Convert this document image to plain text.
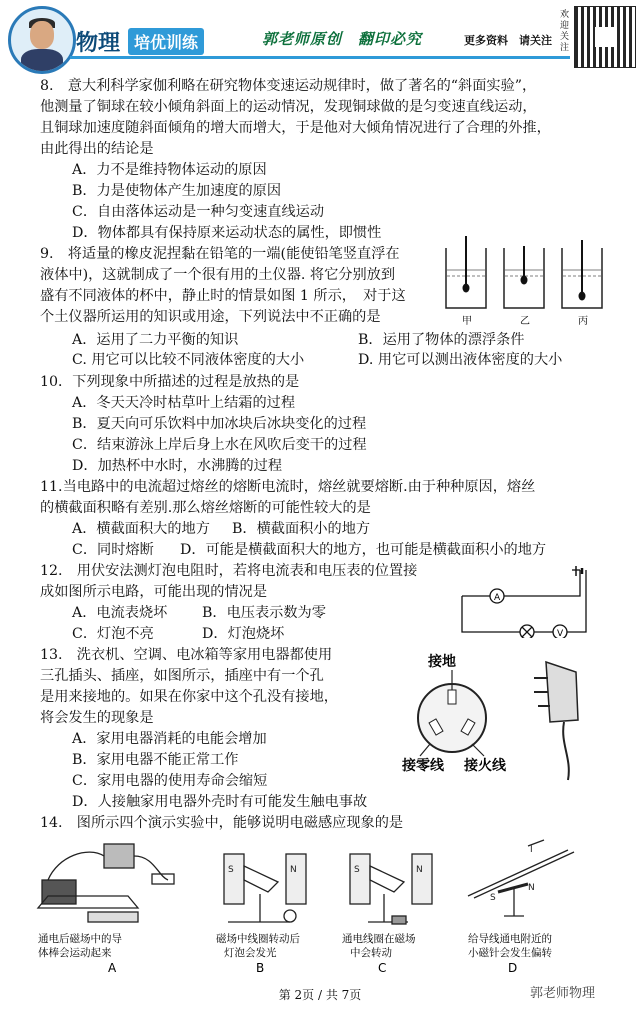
物理 培优训练	郭老师原创　翻印必究	更多资料　请关注
欢迎关注
8.　意大利科学家伽利略在研究物体变速运动规律时，做了著名的“斜面实验”，
他测量了铜球在较小倾角斜面上的运动情况，发现铜球做的是匀变速直线运动，
且铜球加速度随斜面倾角的增大而增大，于是他对大倾角情况进行了合理的外推，
由此得出的结论是
A．力不是维持物体运动的原因
B．力是使物体产生加速度的原因
C．自由落体运动是一种匀变速直线运动
D．物体都具有保持原来运动状态的属性，即惯性
9.　将适量的橡皮泥捏黏在铅笔的一端(能使铅笔竖直浮在
液体中)，这就制成了一个很有用的土仪器. 将它分别放到
盛有不同液体的杯中，静止时的情景如图 1 所示，　对于这
个土仪器所运用的知识或用途，下列说法中不正确的是
A．运用了二力平衡的知识	B．运用了物体的漂浮条件
C. 用它可以比较不同液体密度的大小	D. 用它可以测出液体密度的大小
甲	乙	丙
10．下列现象中所描述的过程是放热的是
A．冬天天冷时枯草叶上结霜的过程
B．夏天向可乐饮料中加冰块后冰块变化的过程
C．结束游泳上岸后身上水在风吹后变干的过程
D．加热杯中水时，水沸腾的过程
11.当电路中的电流超过熔丝的熔断电流时，熔丝就要熔断.由于种种原因，熔丝
的横截面积略有差别.那么熔丝熔断的可能性较大的是
A．横截面积大的地方 B．横截面积小的地方
C．同时熔断 D．可能是横截面积大的地方，也可能是横截面积小的地方
12.　用伏安法测灯泡电阻时，若将电流表和电压表的位置接
成如图所示电路，可能出现的情况是
A．电流表烧坏 B．电压表示数为零
C．灯泡不亮	D．灯泡烧坏
A
V
13.　洗衣机、空调、电冰箱等家用电器都使用
三孔插头、插座，如图所示，插座中有一个孔
是用来接地的。如果在你家中这个孔没有接地，
将会发生的现象是
A．家用电器消耗的电能会增加
B．家用电器不能正常工作
C．家用电器的使用寿命会缩短
D．人接触家用电器外壳时有可能发生触电事故
接地
接零线 接火线
14.　图所示四个演示实验中，能够说明电磁感应现象的是
S	N	S	N
I
S
N
通电后磁场中的导
体棒会运动起来
A
磁场中线圈转动后
灯泡会发光
B
通电线圈在磁场
中会转动
C
给导线通电附近的
小磁针会发生偏转
D
第 2页 / 共 7页	郭老师物理
